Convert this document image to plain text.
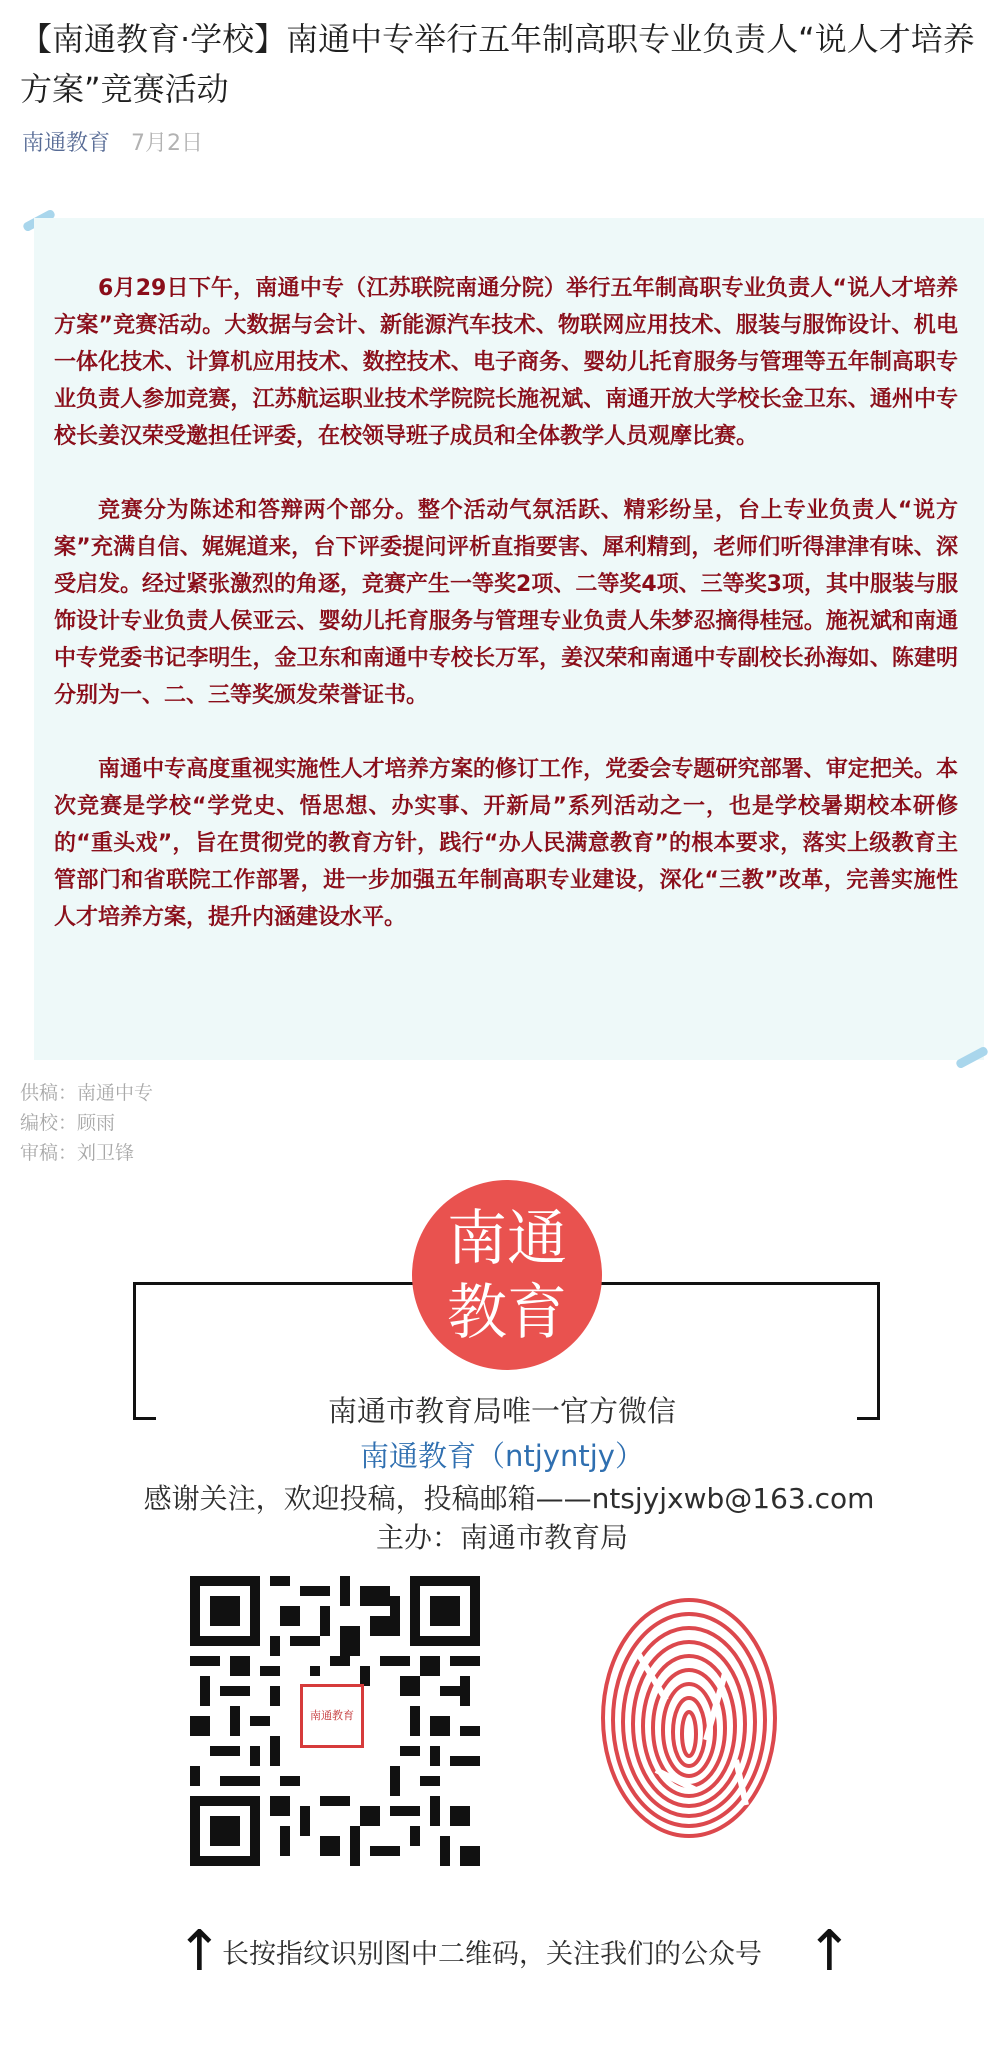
【南通教育·学校】南通中专举行五年制高职专业负责人“说人才培养方案”竞赛活动
南通教育 7月2日

6月29日下午，南通中专（江苏联院南通分院）举行五年制高职专业负责人“说人才培养方案”竞赛活动。大数据与会计、新能源汽车技术、物联网应用技术、服装与服饰设计、机电一体化技术、计算机应用技术、数控技术、电子商务、婴幼儿托育服务与管理等五年制高职专业负责人参加竞赛，江苏航运职业技术学院院长施祝斌、南通开放大学校长金卫东、通州中专校长姜汉荣受邀担任评委，在校领导班子成员和全体教学人员观摩比赛。

竞赛分为陈述和答辩两个部分。整个活动气氛活跃、精彩纷呈，台上专业负责人“说方案”充满自信、娓娓道来，台下评委提问评析直指要害、犀利精到，老师们听得津津有味、深受启发。经过紧张激烈的角逐，竞赛产生一等奖2项、二等奖4项、三等奖3项，其中服装与服饰设计专业负责人侯亚云、婴幼儿托育服务与管理专业负责人朱梦忍摘得桂冠。施祝斌和南通中专党委书记李明生，金卫东和南通中专校长万军，姜汉荣和南通中专副校长孙海如、陈建明分别为一、二、三等奖颁发荣誉证书。

南通中专高度重视实施性人才培养方案的修订工作，党委会专题研究部署、审定把关。本次竞赛是学校“学党史、悟思想、办实事、开新局”系列活动之一，也是学校暑期校本研修的“重头戏”，旨在贯彻党的教育方针，践行“办人民满意教育”的根本要求，落实上级教育主管部门和省联院工作部署，进一步加强五年制高职专业建设，深化“三教”改革，完善实施性人才培养方案，提升内涵建设水平。

供稿：南通中专
编校：顾雨
审稿：刘卫锋
南通
教育
南通市教育局唯一官方微信
南通教育（ntjyntjy）
感谢关注，欢迎投稿，投稿邮箱——ntsjyjxwb@163.com
主办：南通市教育局
南通教育
↑ 长按指纹识别图中二维码，关注我们的公众号 ↑
